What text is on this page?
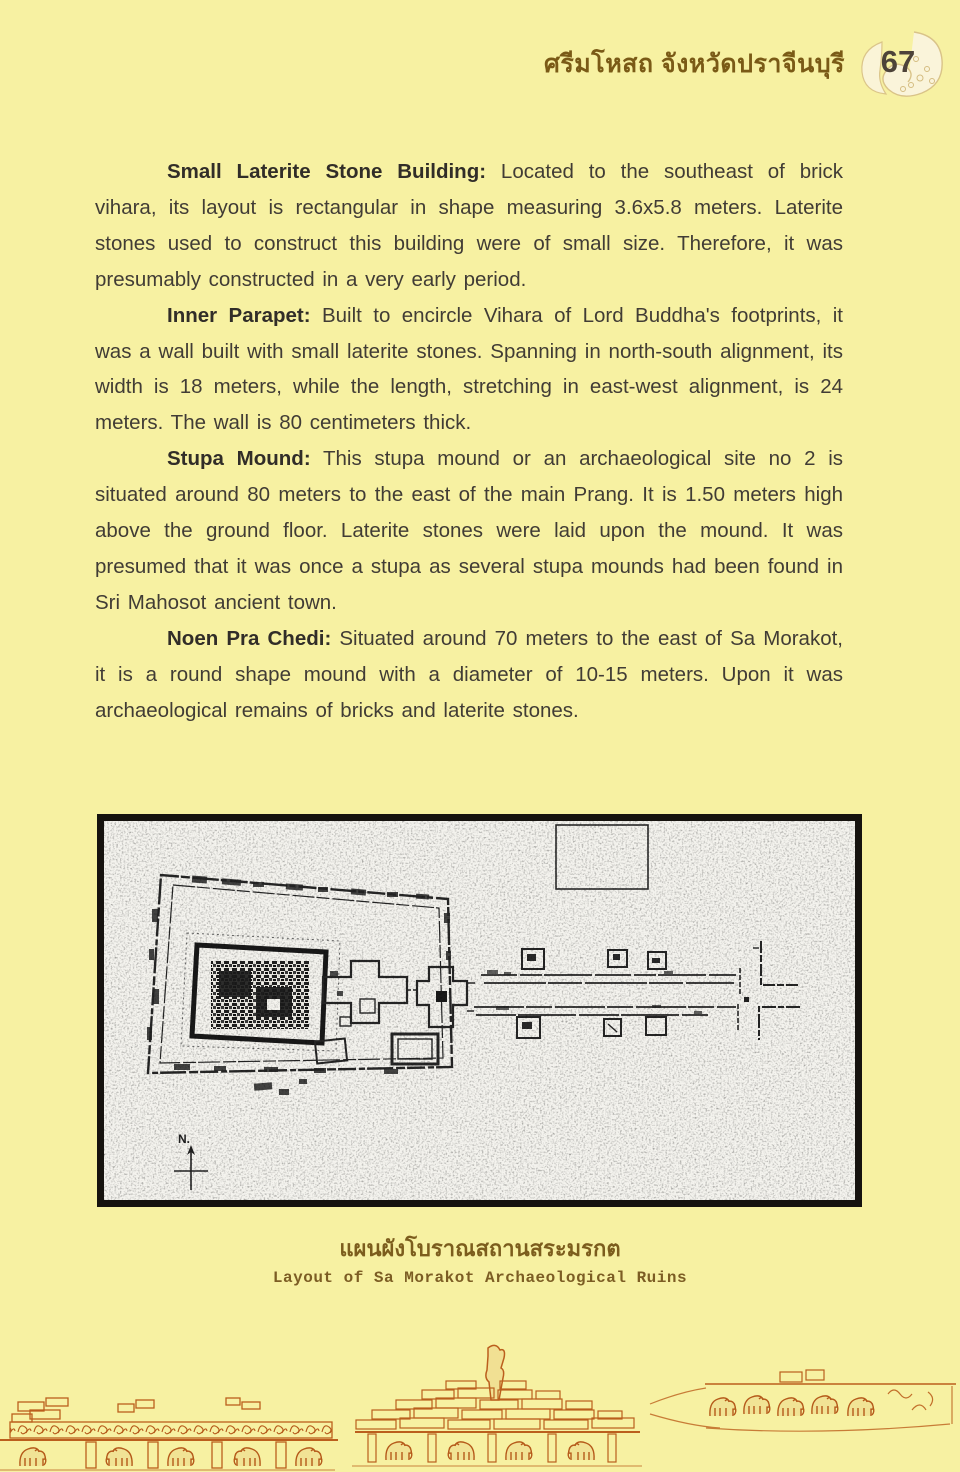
ศรีมโหสถ จังหวัดปราจีนบุรี	67

Small Laterite Stone Building: Located to the southeast of brick vihara, its layout is rectangular in shape measuring 3.6x5.8 meters. Laterite stones used to construct this building were of small size. Therefore, it was presumably constructed in a very early period.

Inner Parapet: Built to encircle Vihara of Lord Buddha's footprints, it was a wall built with small laterite stones. Spanning in north-south alignment, its width is 18 meters, while the length, stretching in east-west alignment, is 24 meters. The wall is 80 centimeters thick.

Stupa Mound: This stupa mound or an archaeological site no 2 is situated around 80 meters to the east of the main Prang. It is 1.50 meters high above the ground floor. Laterite stones were laid upon the mound. It was presumed that it was once a stupa as several stupa mounds had been found in Sri Mahosot ancient town.

Noen Pra Chedi: Situated around 70 meters to the east of Sa Morakot, it is a round shape mound with a diameter of 10-15 meters. Upon it was archaeological remains of bricks and laterite stones.

N.
แผนผังโบราณสถานสระมรกต
Layout of Sa Morakot Archaeological Ruins
